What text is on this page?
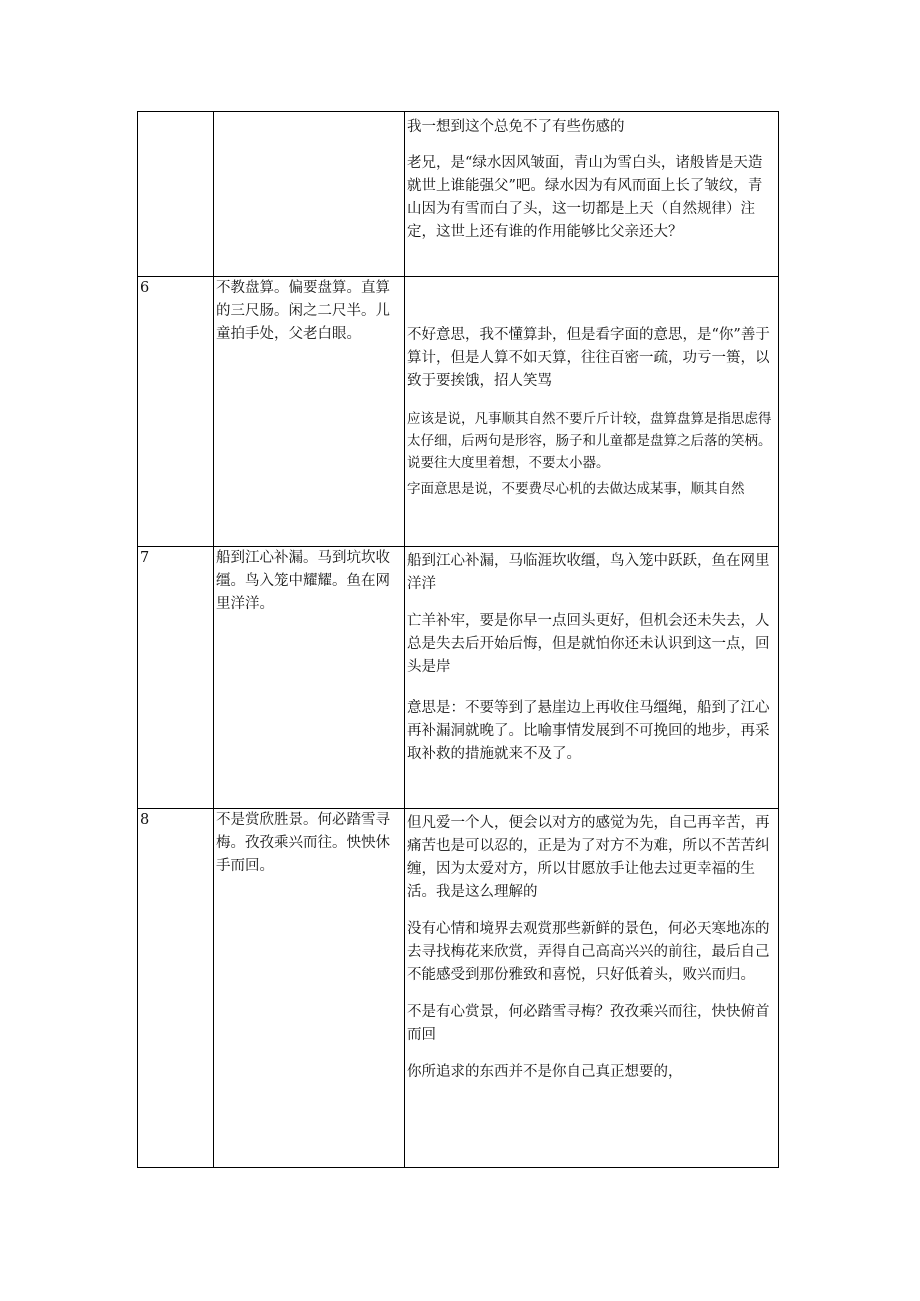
		我一想到这个总免不了有些伤感的

老兄，是“绿水因风皱面，青山为雪白头，诸般皆是天造就世上谁能强父”吧。绿水因为有风而面上长了皱纹，青山因为有雪而白了头，这一切都是上天（自然规律）注定，这世上还有谁的作用能够比父亲还大？

6	不教盘算。偏要盘算。直算的三尺肠。闲之二尺半。儿童拍手处，父老白眼。	不好意思，我不懂算卦，但是看字面的意思，是“你”善于算计，但是人算不如天算，往往百密一疏，功亏一篑，以致于要挨饿，招人笑骂

应该是说，凡事顺其自然不要斤斤计较，盘算盘算是指思虑得太仔细，后两句是形容，肠子和儿童都是盘算之后落的笑柄。说要往大度里着想，不要太小器。

字面意思是说，不要费尽心机的去做达成某事，顺其自然

7	船到江心补漏。马到坑坎收缰。鸟入笼中耀耀。鱼在网里洋洋。	船到江心补漏，马临涯坎收缰，鸟入笼中跃跃，鱼在网里洋洋

亡羊补牢，要是你早一点回头更好，但机会还未失去，人总是失去后开始后悔，但是就怕你还未认识到这一点，回头是岸

意思是：不要等到了悬崖边上再收住马缰绳，船到了江心再补漏洞就晚了。比喻事情发展到不可挽回的地步，再采取补救的措施就来不及了。

8	不是赏欣胜景。何必踏雪寻梅。孜孜乘兴而往。怏怏休手而回。	但凡爱一个人，便会以对方的感觉为先，自己再辛苦，再痛苦也是可以忍的，正是为了对方不为难，所以不苦苦纠缠，因为太爱对方，所以甘愿放手让他去过更幸福的生活。我是这么理解的

没有心情和境界去观赏那些新鲜的景色，何必天寒地冻的去寻找梅花来欣赏，弄得自己高高兴兴的前往，最后自己不能感受到那份雅致和喜悦，只好低着头，败兴而归。

不是有心赏景，何必踏雪寻梅？孜孜乘兴而往，快快俯首而回

你所追求的东西并不是你自己真正想要的，
